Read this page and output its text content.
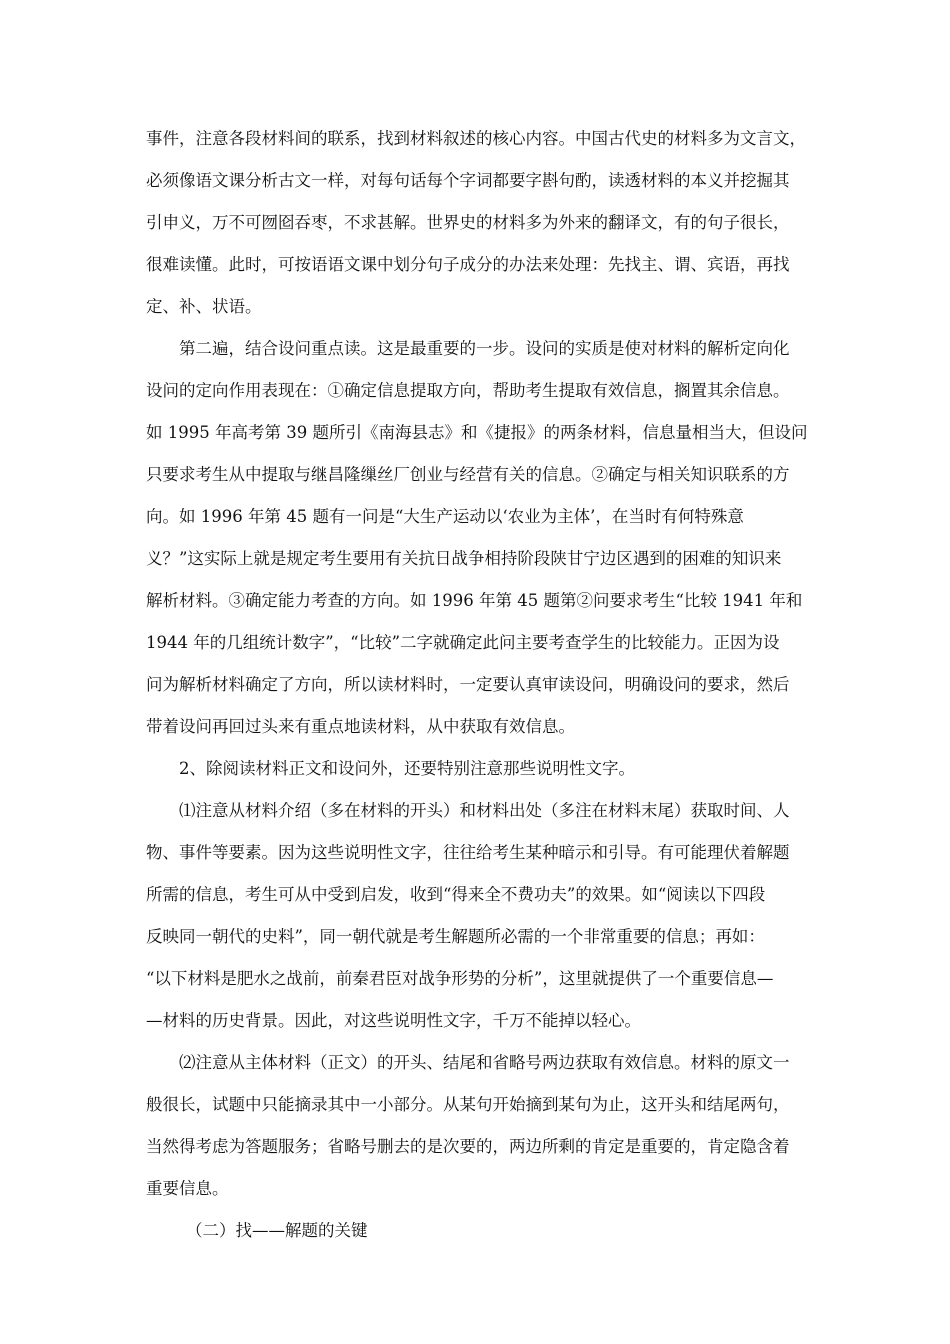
事件，注意各段材料间的联系，找到材料叙述的核心内容。中国古代史的材料多为文言文，
必须像语文课分析古文一样，对每句话每个字词都要字斟句酌，读透材料的本义并挖掘其
引申义，万不可囫囵吞枣，不求甚解。世界史的材料多为外来的翻译文，有的句子很长，
很难读懂。此时，可按语语文课中划分句子成分的办法来处理：先找主、谓、宾语，再找
定、补、状语。
第二遍，结合设问重点读。这是最重要的一步。设问的实质是使对材料的解析定向化
设问的定向作用表现在：①确定信息提取方向，帮助考生提取有效信息，搁置其余信息。
如 1995 年高考第 39 题所引《南海县志》和《捷报》的两条材料，信息量相当大，但设问
只要求考生从中提取与继昌隆缫丝厂创业与经营有关的信息。②确定与相关知识联系的方
向。如 1996 年第 45 题有一问是“大生产运动以‘农业为主体’，在当时有何特殊意
义？”这实际上就是规定考生要用有关抗日战争相持阶段陕甘宁边区遇到的困难的知识来
解析材料。③确定能力考查的方向。如 1996 年第 45 题第②问要求考生“比较 1941 年和
1944 年的几组统计数字”，“比较”二字就确定此问主要考查学生的比较能力。正因为设
问为解析材料确定了方向，所以读材料时，一定要认真审读设问，明确设问的要求，然后
带着设问再回过头来有重点地读材料，从中获取有效信息。
2、除阅读材料正文和设问外，还要特别注意那些说明性文字。
⑴注意从材料介绍（多在材料的开头）和材料出处（多注在材料末尾）获取时间、人
物、事件等要素。因为这些说明性文字，往往给考生某种暗示和引导。有可能理伏着解题
所需的信息，考生可从中受到启发，收到“得来全不费功夫”的效果。如“阅读以下四段
反映同一朝代的史料”，同一朝代就是考生解题所必需的一个非常重要的信息；再如：
“以下材料是肥水之战前，前秦君臣对战争形势的分析”，这里就提供了一个重要信息—
—材料的历史背景。因此，对这些说明性文字，千万不能掉以轻心。
⑵注意从主体材料（正文）的开头、结尾和省略号两边获取有效信息。材料的原文一
般很长，试题中只能摘录其中一小部分。从某句开始摘到某句为止，这开头和结尾两句，
当然得考虑为答题服务；省略号删去的是次要的，两边所剩的肯定是重要的，肯定隐含着
重要信息。
（二）找——解题的关键
